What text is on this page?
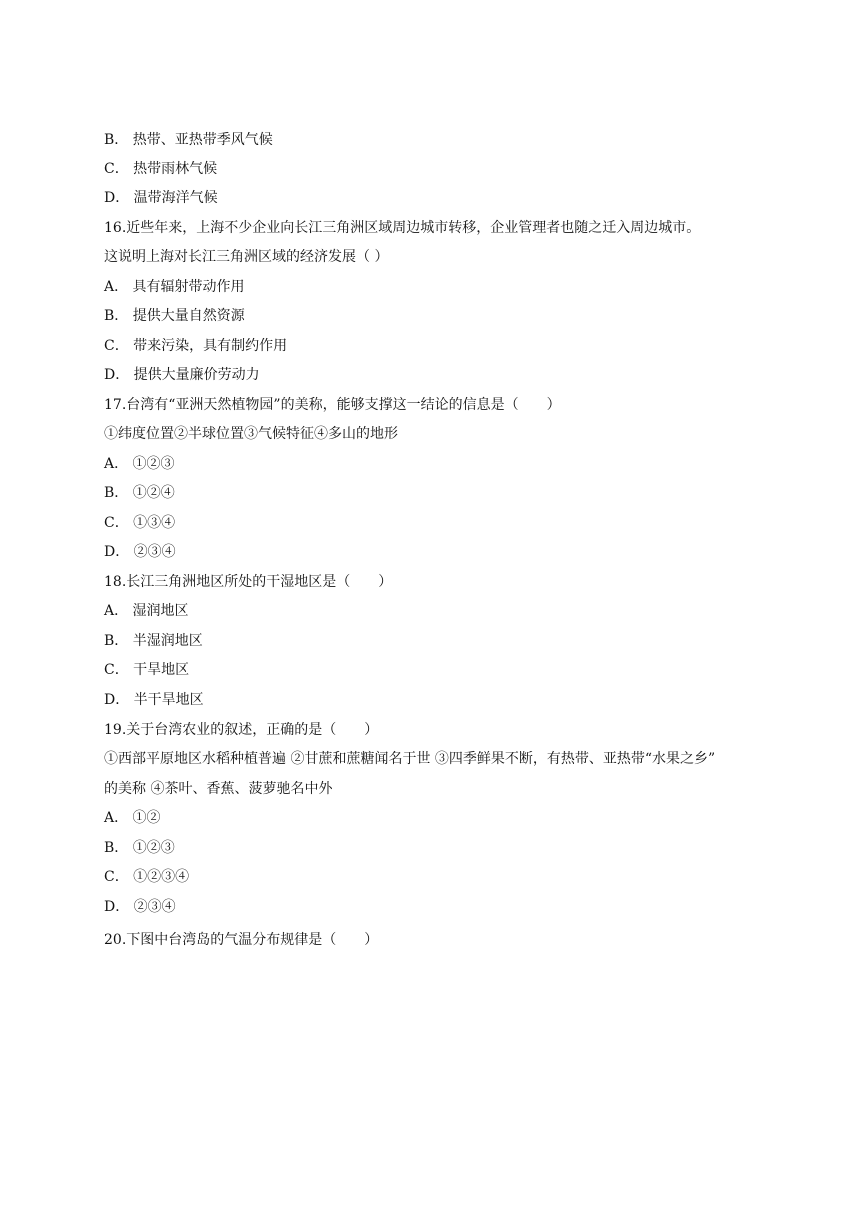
B． 热带、亚热带季风气候
C． 热带雨林气候
D． 温带海洋气候
16.近些年来，上海不少企业向长江三角洲区域周边城市转移，企业管理者也随之迁入周边城市。
这说明上海对长江三角洲区域的经济发展（ ）
A． 具有辐射带动作用
B． 提供大量自然资源
C． 带来污染，具有制约作用
D． 提供大量廉价劳动力
17.台湾有“亚洲天然植物园”的美称，能够支撑这一结论的信息是（　　）
①纬度位置②半球位置③气候特征④多山的地形
A． ①②③
B． ①②④
C． ①③④
D． ②③④
18.长江三角洲地区所处的干湿地区是（　　）
A． 湿润地区
B． 半湿润地区
C． 干旱地区
D． 半干旱地区
19.关于台湾农业的叙述，正确的是（　　）
①西部平原地区水稻种植普遍 ②甘蔗和蔗糖闻名于世 ③四季鲜果不断，有热带、亚热带“水果之乡”
的美称 ④茶叶、香蕉、菠萝驰名中外
A． ①②
B． ①②③
C． ①②③④
D． ②③④
20.下图中台湾岛的气温分布规律是（　　）
